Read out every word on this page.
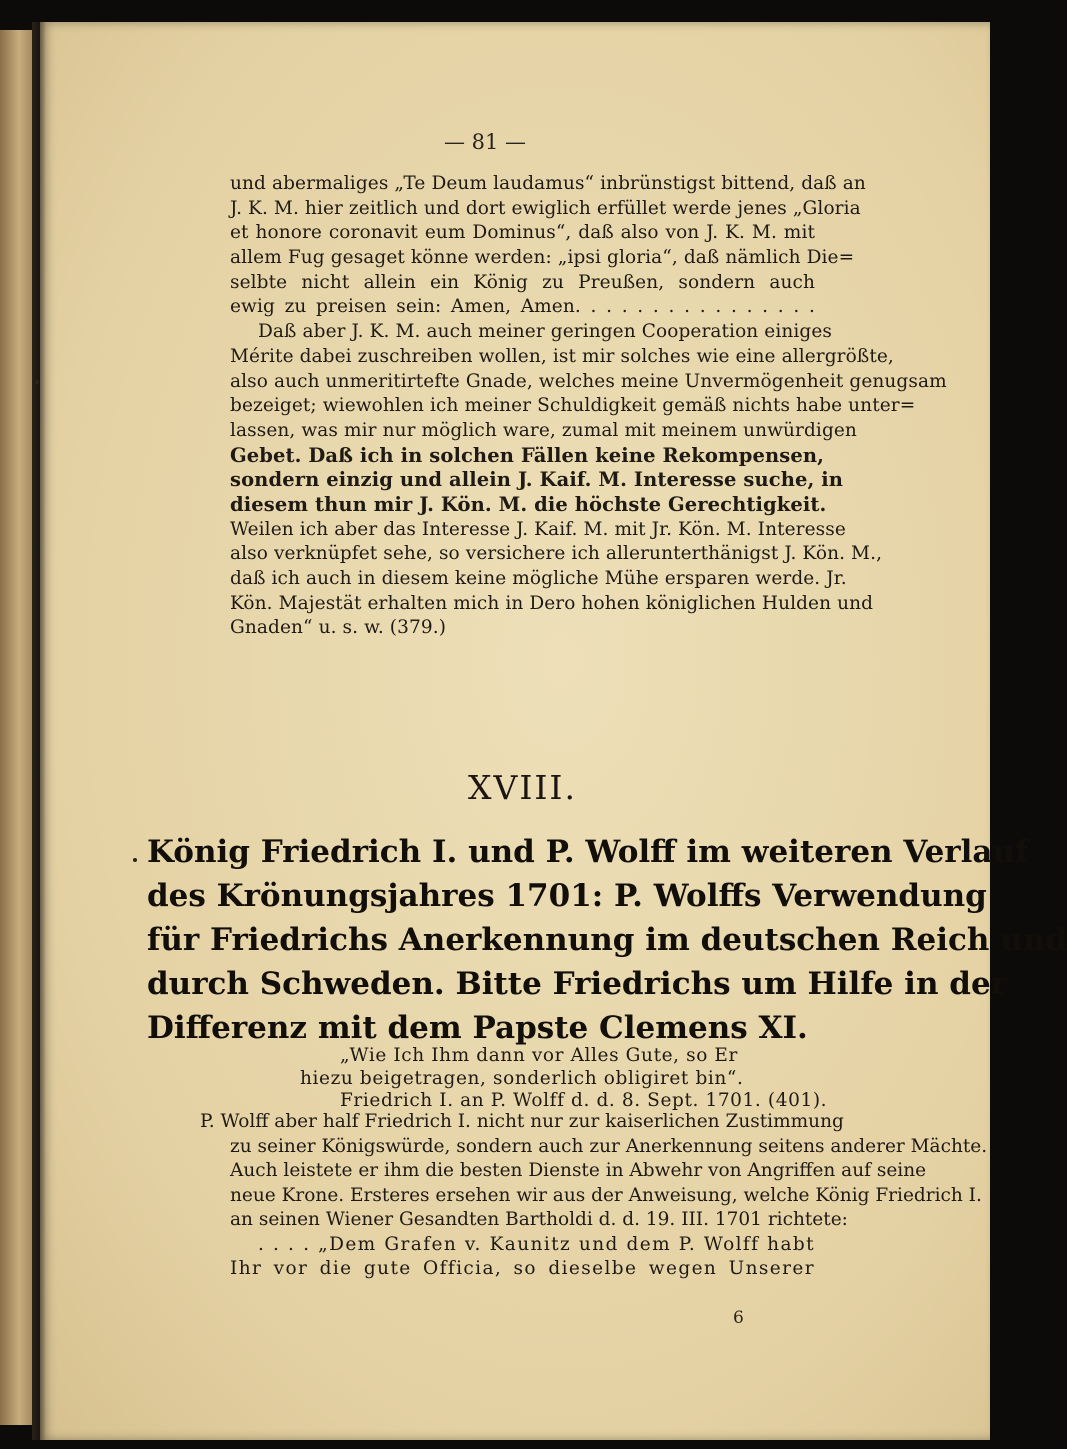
— 81 —
und abermaliges „Te Deum laudamus“ inbrünstigst bittend, daß an
J. K. M. hier zeitlich und dort ewiglich erfüllet werde jenes „Gloria
et honore coronavit eum Dominus“, daß also von J. K. M. mit
allem Fug gesaget könne werden: „ipsi gloria“, daß nämlich Die=
selbte nicht allein ein König zu Preußen, sondern auch
ewig zu preisen sein: Amen, Amen. . . . . . . . . . . . . . . .
Daß aber J. K. M. auch meiner geringen Cooperation einiges
Mérite dabei zuschreiben wollen, ist mir solches wie eine allergrößte,
also auch unmeritirtefte Gnade, welches meine Unvermögenheit genugsam
bezeiget; wiewohlen ich meiner Schuldigkeit gemäß nichts habe unter=
lassen, was mir nur möglich ware, zumal mit meinem unwürdigen
Gebet. Daß ich in solchen Fällen keine Rekompensen,
sondern einzig und allein J. Kaif. M. Interesse suche, in
diesem thun mir J. Kön. M. die höchste Gerechtigkeit.
Weilen ich aber das Interesse J. Kaif. M. mit Jr. Kön. M. Interesse
also verknüpfet sehe, so versichere ich allerunterthänigst J. Kön. M.,
daß ich auch in diesem keine mögliche Mühe ersparen werde. Jr.
Kön. Majestät erhalten mich in Dero hohen königlichen Hulden und
Gnaden“ u. s. w. (379.)
XVIII.
König Friedrich I. und P. Wolff im weiteren Verlauf
des Krönungsjahres 1701: P. Wolffs Verwendung
für Friedrichs Anerkennung im deutschen Reich und
durch Schweden. Bitte Friedrichs um Hilfe in der
Differenz mit dem Papste Clemens XI.
„Wie Ich Ihm dann vor Alles Gute, so Er
hiezu beigetragen, sonderlich obligiret bin“.
Friedrich I. an P. Wolff d. d. 8. Sept. 1701. (401).
P. Wolff aber half Friedrich I. nicht nur zur kaiserlichen Zustimmung
zu seiner Königswürde, sondern auch zur Anerkennung seitens anderer Mächte.
Auch leistete er ihm die besten Dienste in Abwehr von Angriffen auf seine
neue Krone. Ersteres ersehen wir aus der Anweisung, welche König Friedrich I.
an seinen Wiener Gesandten Bartholdi d. d. 19. III. 1701 richtete:
. . . . „Dem Grafen v. Kaunitz und dem P. Wolff habt
Ihr vor die gute Officia, so dieselbe wegen Unserer
6
